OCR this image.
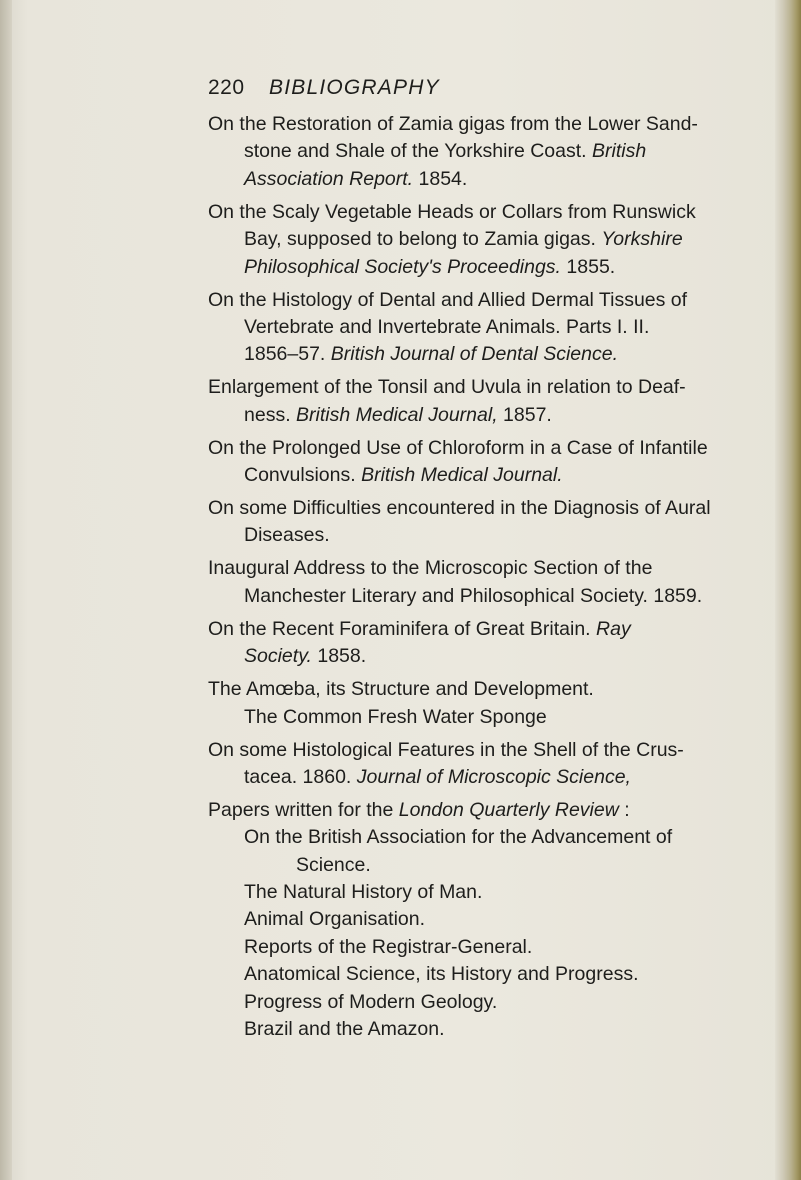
220 BIBLIOGRAPHY
On the Restoration of Zamia gigas from the Lower Sand-
stone and Shale of the Yorkshire Coast. British
Association Report. 1854.
On the Scaly Vegetable Heads or Collars from Runswick
Bay, supposed to belong to Zamia gigas. Yorkshire
Philosophical Society's Proceedings. 1855.
On the Histology of Dental and Allied Dermal Tissues of
Vertebrate and Invertebrate Animals. Parts I. II.
1856–57. British Journal of Dental Science.
Enlargement of the Tonsil and Uvula in relation to Deaf-
ness. British Medical Journal, 1857.
On the Prolonged Use of Chloroform in a Case of Infantile
Convulsions. British Medical Journal.
On some Difficulties encountered in the Diagnosis of Aural
Diseases.
Inaugural Address to the Microscopic Section of the
Manchester Literary and Philosophical Society. 1859.
On the Recent Foraminifera of Great Britain. Ray
Society. 1858.
The Amœba, its Structure and Development.
The Common Fresh Water Sponge
On some Histological Features in the Shell of the Crus-
tacea. 1860. Journal of Microscopic Science,
Papers written for the London Quarterly Review :
On the British Association for the Advancement of
Science.
The Natural History of Man.
Animal Organisation.
Reports of the Registrar-General.
Anatomical Science, its History and Progress.
Progress of Modern Geology.
Brazil and the Amazon.
